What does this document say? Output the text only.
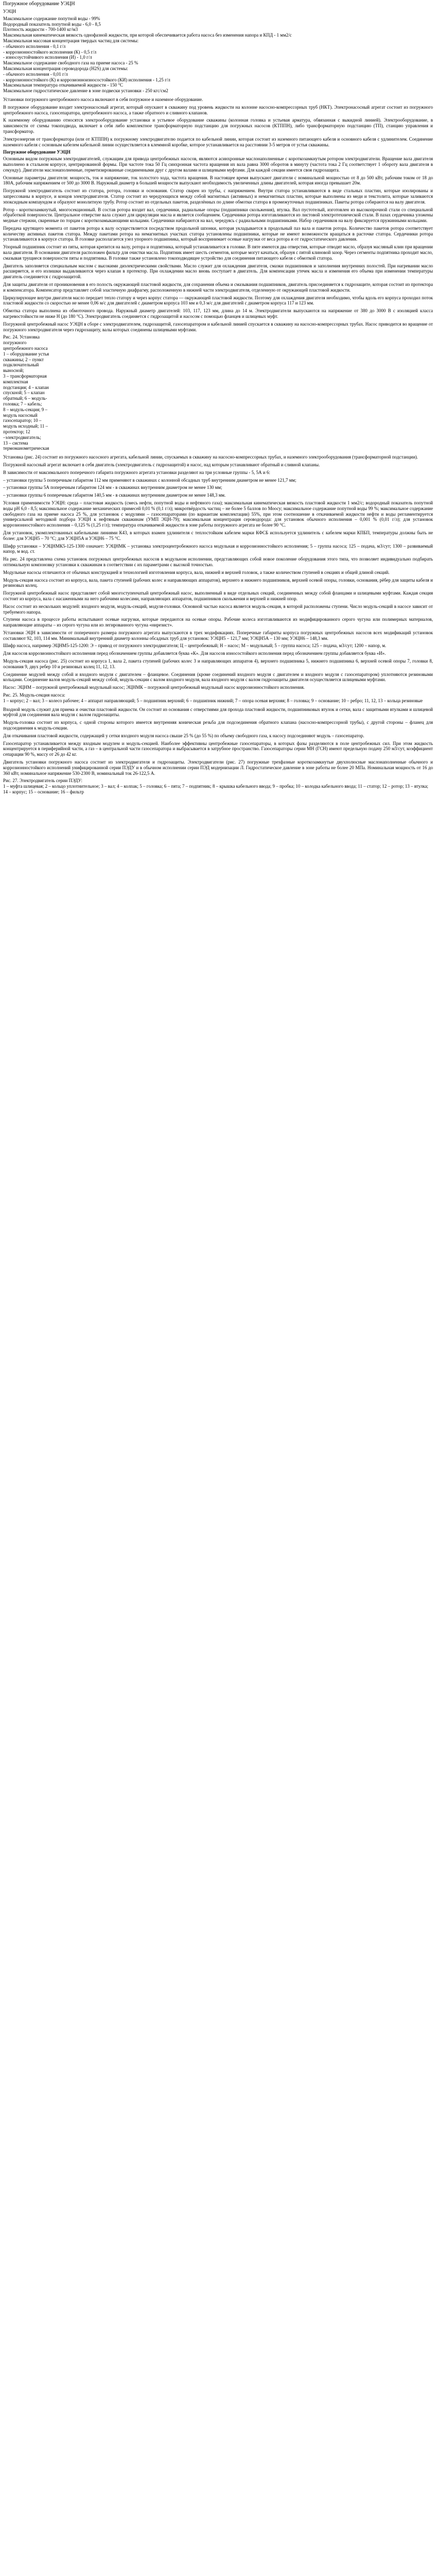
Погружное оборудование УЭЦН
УЭЦН
Максимальное содержание попутной воды - 99%
Водородный показатель попутной воды - 6,0 - 8,5
Плотность жидкости - 700-1400 кг/м3
Максимальная кинематическая вязкость однофазной жидкости, при которой обеспечивается работа насоса без изменения напора и КПД - 1 мм2/с
Максимальная массовая концентрация твердых частиц для системы:
- обычного исполнения - 0,1 г/л
- коррозионностойкого исполнения (К) - 0,5 г/л
- износоустойчивого исполнения (И) - 1,0 г/л
Максимальное содержание свободного газа на приеме насоса - 25 %
Максимальная концентрация сероводорода (H2S) для системы:
- обычного исполнения - 0,01 г/л
- коррозионностойкого (К) и коррозионноизносостойкого (КИ) исполнения - 1,25 г/л
Максимальная температура откачиваемой жидкости - 150 °С
Максимальное гидростатическое давление в зоне подвески установки - 250 кгс/см2

Установки погружного центробежного насоса включают в себя погружное и наземное оборудование.

В погружное оборудование входит электронасосный агрегат, который опускают в скважину под уровень жидкости на колонне насосно-компрессорных труб (НКТ). Электронасосный агрегат состоит из погружного центробежного насоса, газосепаратора, центробежного насоса, а также обратного и сливного клапанов.

К наземному оборудованию относятся электрооборудование установки и устьевое оборудование скважины (колонная головка и устьевая арматура, обвязанная с выкидной линией). Электрооборудование, в зависимости от схемы токоподвода, включает в себя либо комплектное трансформаторную подстанцию для погружных насосов (КТППН), либо трансформаторную подстанцию (ТП), станцию управления и трансформатор.

Электроэнергия от трансформатора (или от КТППН) к погружному электродвигателю подается по кабельной линии, которая состоит из наземного питающего кабеля и основного кабеля с удлинителем. Соединение наземного кабеля с основным кабелем кабельной линии осуществляется в клеммной коробке, которое устанавливается на расстоянии 3-5 метров от устья скважины.

Погружное оборудование УЭЦН

Основным видом погружным электродвигателей, служащим для привода центробежных насосов, являются асинхронные маслонаполненные с короткозамкнутым ротором электродвигатели. Вращение вала двигателя выполнено в стальном корпусе, центрированной формы. При частоте тока 50 Гц синхронная частота вращения их вала равна 3000 оборотов в минуту (частота тока 2 Гц соответствует 1 обороту вала двигателя в секунду). Двигатели маслонаполненные, герметизированные соединенными друг с другом валами и шлицевыми муфтами. Для каждой секции имеется своя гидрозащита.

Основные параметры двигателя: мощность, ток и напряжение, ток холостого хода, частота вращения. В настоящее время выпускают двигатели с номинальной мощностью от 8 до 500 кВт, рабочим током от 18 до 180А, рабочим напряжением от 500 до 3000 В. Наружный диаметр в большей мощности выпускают необходимость увеличенных длины двигателей, которая иногда превышает 20м.

Погружной электродвигатель состоит из статора, ротора, головки и основания. Статор сварен из трубы, с напряжением. Внутри статора устанавливаются в виде стальных пластин, которые изолированы и запрессованы в корпусе, и концов электродвигателя. Статор состоит из чередующихся между собой магнитных (активных) и немагнитных пластин, которые выполнены из меди и текстолита, которые заливаются эпоксидным компаундом и образуют монолитную трубу. Ротор состоит из отдельных пакетов, разделённых по длине обмотки статора в промежуточных подшипниках. Пакеты ротора собираются на валу двигателя.

Ротор - короткозамкнутый, многосекционный. В состав ротора входит вал, сердечники, радиальные опоры (подшипники скольжения), втулка. Вал пустотелый, изготовлен из высокопрочной стали со специальной обработкой поверхности. Центральное отверстие вала служит для циркуляции масла и является сообщением. Сердечники ротора изготавливаются из листовой электротехнической стали. В пазах сердечника уложены медные стержни, сваренные по торцам с короткозамыкающими кольцами. Сердечники набираются на вал, чередуясь с радиальными подшипниками. Набор сердечников на валу фиксируется пружинными кольцами.

Передача крутящего момента от пакетов ротора к валу осуществляется посредством продольной шпонки, которая укладывается в продольный паз вала и пакетов ротора. Количество пакетов ротора соответствует количеству активных пакетов статора. Между пакетами ротора на немагнитных участках статора установлены подшипники, которые не имеют возможности вращаться в расточке статора. Сердечники ротора устанавливаются в корпусе статора. В головке располагается узел упорного подшипника, который воспринимает осевые нагрузки от веса ротора и от гидростатического давления.

Упорный подшипник состоит из пяты, которая крепится на валу, ротора и подпятника, который устанавливается в головке. В пяте имеются два отверстия, которые отводят масло, образуя масляный клин при вращении вала двигателя. В основании двигателя расположен фильтр для очистки масла. Подпятник имеет шесть сегментов, которые могут качаться, образуя с пятой клиновой зазор. Через сегменты подпятника проходит масло, смазывая трущиеся поверхности пяты и подпятника. В головке также установлено токоподводящее устройство для соединения питающего кабеля с обмоткой статора.

Двигатель заполняется специальным маслом с высокими диэлектрическими свойствами. Масло служит для охлаждения двигателя, смазки подшипников и заполнения внутренних полостей. При нагревании масло расширяется, и его излишки выдавливаются через клапан в протектор. При охлаждении масло вновь поступает в двигатель. Для компенсации утечек масла и изменения его объема при изменении температуры двигатель соединяется с гидрозащитой.

Для защиты двигателя от проникновения в его полость окружающей пластовой жидкости, для сохранения объема и смазывания подшипников, двигатель присоединяется к гидрозащите, которая состоит из протектора и компенсатора. Компенсатор представляет собой эластичную диафрагму, расположенную в нижней части электродвигателя, отделенную от окружающей пластовой жидкости.

Циркулирующее внутри двигателя масло передает тепло статору и через корпус статора — окружающей пластовой жидкости. Поэтому для охлаждения двигателя необходимо, чтобы вдоль его корпуса проходил поток пластовой жидкости со скоростью не менее 0,06 м/с для двигателей с диаметром корпуса 103 мм и 0,3 м/с для двигателей с диаметром корпуса 117 и 123 мм.

Обмотка статора выполнена из обмоточного провода. Наружный диаметр двигателей: 103, 117, 123 мм, длина до 14 м. Электродвигатели выпускаются на напряжение от 380 до 3000 В с изоляцией класса нагревостойкости не ниже Н (до 180 °С). Электродвигатель соединяется с гидрозащитой и насосом с помощью фланцев и шлицевых муфт.

Погружной центробежный насос УЭЦН в сборе с электродвигателем, гидрозащитой, газосепаратором и кабельной линией спускается в скважину на насосно-компрессорных трубах. Насос приводится во вращение от погружного электродвигателя через гидрозащиту, валы которых соединены шлицевыми муфтами.

Рис. 24. Установка
погружного
центробежного насоса
1 – оборудование устья
скважины; 2 – пункт
подключательный
выносной;
3 – трансформаторная
комплектная
подстанция; 4 – клапан
спускной; 5 – клапан
обратный; 6 – модуль-
головка; 7 – кабель;
8 – модуль-секция; 9 –
модуль насосный
газосепаратор; 10 –
модуль исходный; 11 –
протектор; 12
–электродвигатель;
13 – система
термоманометрическая

Установка (рис. 24) состоит из погружного насосного агрегата, кабельной линии, спускаемых в скважину на насосно-компрессорных трубах, и наземного электрооборудования (трансформаторной подстанции).

Погружной насосный агрегат включает в себя двигатель (электродвигатель с гидрозащитой) и насос, над которым устанавливают обратный и сливной клапаны.

В зависимости от максимального поперечного габарита погружного агрегата установки разделяют на три условные группы - 5, 5А и 6:

– установки группы 5 поперечным габаритом 112 мм применяют в скважинах с колонной обсадных труб внутренним диаметром не менее 121,7 мм;

– установки группы 5А поперечным габаритом 124 мм - в скважинах внутренним диаметром не менее 130 мм;

– установки группы 6 поперечным габаритом 140,5 мм - в скважинах внутренним диаметром не менее 148,3 мм.

Условия применимости УЭЦН: среда – пластовая жидкость (смесь нефти, попутной воды и нефтяного газа); максимальная кинематическая вязкость пластовой жидкости 1 мм2/с; водородный показатель попутной воды pH 6,0 - 8,5; максимальное содержание механических примесей 0,01 % (0,1 г/л); микротвёрдость частиц – не более 5 баллов по Моосу; максимальное содержание попутной воды 99 %; максимальное содержание свободного газа на приеме насоса 25 %, для установок с модулями – газосепараторами (по вариантам комплектации) 55%, при этом соотношение в откачиваемой жидкости нефти и воды регламентируется универсальной методикой подбора УЭЦН к нефтяным скважинам (УМП ЭЦН-79); максимальная концентрация сероводорода: для установок обычного исполнения – 0,001 % (0,01 г/л); для установок коррозионностойкого исполнения – 0,125 % (1,25 г/л); температура откачиваемой жидкости в зоне работы погружного агрегата не более 90 °С.

Для установок, укомплектованных кабельными линиями К43, в которых взамен удлинителя с теплостойким кабелем марки КФСБ используется удлинитель с кабелем марки КПБП, температуры должны быть не более: для УЭЦН5 – 70 °С; для УЭЦН5А и УЭЦН6 – 75 °С.

Шифр установки – УЭЦНМК5-125-1300 означает: УЭЦНМК – установка электроцентробежного насоса модульная и коррозионностойкого исполнения; 5 – группа насоса; 125 – подача, м3/сут; 1300 – развиваемый напор, м вод. ст.

На рис. 24 представлена схема установок погружных центробежных насосов в модульном исполнении, представляющих собой новое поколение оборудования этого типа, что позволяет индивидуально подбирать оптимальную компоновку установки к скважинам в соответствии с их параметрами с высокой точностью.

Модульные насосы отличаются от обычных конструкцией и технологией изготовления корпуса, вала, нижней и верхней головок, а также количеством ступеней в секциях и общей длиной секций.

Модуль-секция насоса состоит из корпуса, вала, пакета ступеней (рабочих колес и направляющих аппаратов), верхнего и нижнего подшипников, верхней осевой опоры, головки, основания, рёбер для защиты кабеля и резиновых колец.

Погружной центробежный насос представляет собой многоступенчатый центробежный насос, выполненный в виде отдельных секций, соединенных между собой фланцами и шлицевыми муфтами. Каждая секция состоит из корпуса, вала с насаженными на него рабочими колесами, направляющих аппаратов, подшипников скольжения и верхней и нижней опор.

Насос состоит из нескольких модулей: входного модуля, модуль-секций, модуля-головки. Основной частью насоса является модуль-секция, в которой расположены ступени. Число модуль-секций в насосе зависит от требуемого напора.

Ступени насоса в процессе работы испытывают осевые нагрузки, которые передаются на осевые опоры. Рабочие колеса изготавливаются из модифицированного серого чугуна или полимерных материалов, направляющие аппараты – из серого чугуна или из легированного чугуна «нирезист».

Установки ЭЦН в зависимости от поперечного размера погружного агрегата выпускаются в трех модификациях. Поперечные габариты корпуса погружных центробежных насосов всех модификаций установок составляют 92, 103, 114 мм. Минимальный внутренний диаметр колонны обсадных труб для установок: УЭЦН5 – 121,7 мм; УЭЦН5А – 130 мм; УЭЦН6 – 148,3 мм.

Шифр насоса, например ЭЦНМ5-125-1200: Э – привод от погружного электродвигателя; Ц – центробежный; Н – насос; М – модульный; 5 – группа насоса; 125 – подача, м3/сут; 1200 – напор, м.

Для насосов коррозионностойкого исполнения перед обозначением группы добавляется буква «К». Для насосов износостойкого исполнения перед обозначением группы добавляется буква «И».

Модуль-секция насоса (рис. 25) состоит из корпуса 1, вала 2, пакета ступеней (рабочих колес 3 и направляющих аппаратов 4), верхнего подшипника 5, нижнего подшипника 6, верхней осевой опоры 7, головки 8, основания 9, двух ребер 10 и резиновых колец 11, 12, 13.

Соединение модулей между собой и входного модуля с двигателем – фланцевое. Соединения (кроме соединений входного модуля с двигателем и входного модуля с газосепаратором) уплотняются резиновыми кольцами. Соединение валов модуль-секций между собой, модуль-секции с валом входного модуля, вала входного модуля с валом гидрозащиты двигателя осуществляется шлицевыми муфтами.

Насос: ЭЦНМ – погружной центробежный модульный насос; ЭЦНМК – погружной центробежный модульный насос коррозионностойкого исполнения.

Рис. 25. Модуль-секция насоса:
1 – корпус; 2 – вал; 3 – колесо рабочее; 4 – аппарат направляющий; 5 – подшипник верхний; 6 – подшипник нижний; 7 – опора осевая верхняя; 8 – головка; 9 – основание; 10 – ребро; 11, 12, 13 – кольца резиновые

Входной модуль служит для приема и очистки пластовой жидкости. Он состоит из основания с отверстиями для прохода пластовой жидкости, подшипниковых втулок и сетки, вала с защитными втулками и шлицевой муфтой для соединения вала модуля с валом гидрозащиты.

Модуль-головка состоит из корпуса, с одной стороны которого имеется внутренняя коническая резьба для подсоединения обратного клапана (насосно-компрессорной трубы), с другой стороны – фланец для подсоединения к модуль-секции.

Для откачивания пластовой жидкости, содержащей у сетки входного модуля насоса свыше 25 % (до 55 %) по объему свободного газа, к насосу подсоединяют модуль – газосепаратор.

Газосепаратор устанавливается между входным модулем и модуль-секцией. Наиболее эффективны центробежные газосепараторы, в которых фазы разделяются в поле центробежных сил. При этом жидкость концентрируется в периферийной части, а газ – в центральной части газосепаратора и выбрасывается в затрубное пространство. Газосепараторы серии МН (ГСН) имеют предельную подачу 250 м3/сут, коэффициент сепарации 90 %, массу от 26 до 42 кг.

Двигатель установки погружного насоса состоит из электродвигателя и гидрозащиты. Электродвигатели (рис. 27) погружные трехфазные короткозамкнутые двухполюсные маслонаполненные обычного и коррозионностойкого исполнений унифицированной серии ПЭДУ и в обычном исполнении серии ПЭД модернизации Л. Гидростатическое давление в зоне работы не более 20 МПа. Номинальная мощность от 16 до 360 кВт, номинальное напряжение 530-2300 В, номинальный ток 26-122,5 А.

Рис. 27. Электродвигатель серии ПЭДУ:
1 – муфта шлицевая; 2 – кольцо уплотнительное; 3 – вал; 4 – колпак; 5 – головка; 6 – пята; 7 – подпятник; 8 – крышка кабельного ввода; 9 – пробка; 10 – колодка кабельного ввода; 11 – статор; 12 – ротор; 13 – втулка; 14 – корпус; 15 – основание; 16 – фильтр
